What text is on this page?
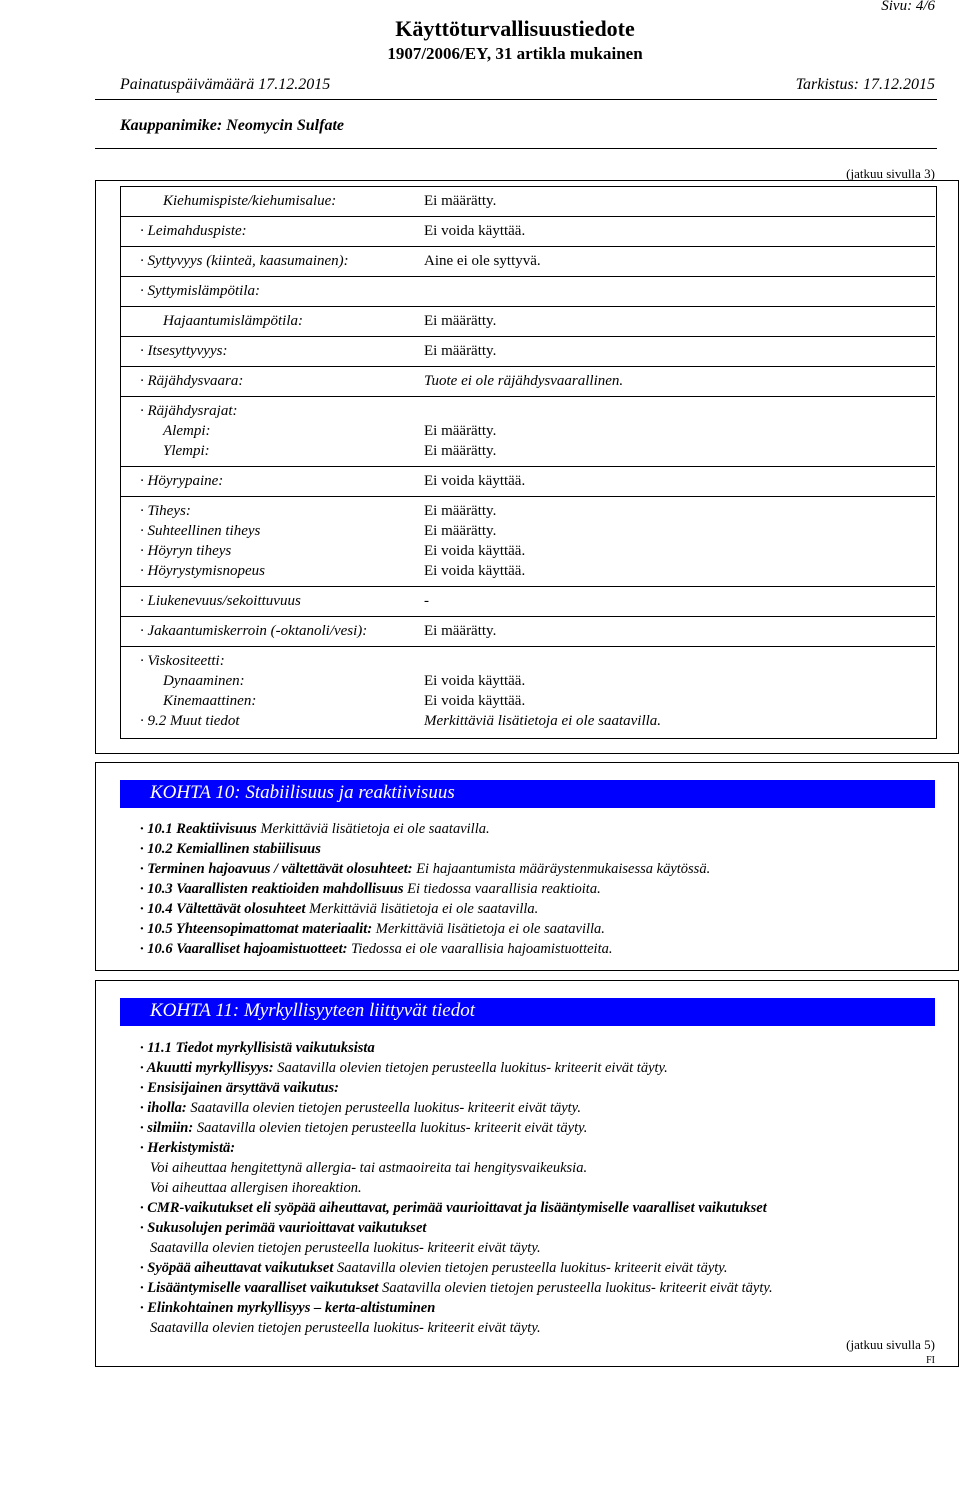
Sivu: 4/6
Käyttöturvallisuustiedote
1907/2006/EY, 31 artikla mukainen
Painatuspäivämäärä 17.12.2015	Tarkistus: 17.12.2015
Kauppanimike: Neomycin Sulfate
(jatkuu sivulla 3)
Kiehumispiste/kiehumisalue:	Ei määrätty.
· Leimahduspiste:	Ei voida käyttää.
· Syttyvyys (kiinteä, kaasumainen):	Aine ei ole syttyvä.
· Syttymislämpötila:
Hajaantumislämpötila:	Ei määrätty.
· Itsesyttyvyys:	Ei määrätty.
· Räjähdysvaara:	Tuote ei ole räjähdysvaarallinen.
· Räjähdysrajat:
Alempi:	Ei määrätty.
Ylempi:	Ei määrätty.
· Höyrypaine:	Ei voida käyttää.
· Tiheys:	Ei määrätty.
· Suhteellinen tiheys	Ei määrätty.
· Höyryn tiheys	Ei voida käyttää.
· Höyrystymisnopeus	Ei voida käyttää.
· Liukenevuus/sekoittuvuus	-
· Jakaantumiskerroin (-oktanoli/vesi):	Ei määrätty.
· Viskositeetti:
Dynaaminen:	Ei voida käyttää.
Kinemaattinen:	Ei voida käyttää.
· 9.2 Muut tiedot	Merkittäviä lisätietoja ei ole saatavilla.
KOHTA 10: Stabiilisuus ja reaktiivisuus
· 10.1 Reaktiivisuus Merkittäviä lisätietoja ei ole saatavilla.
· 10.2 Kemiallinen stabiilisuus
· Terminen hajoavuus / vältettävät olosuhteet: Ei hajaantumista määräystenmukaisessa käytössä.
· 10.3 Vaarallisten reaktioiden mahdollisuus Ei tiedossa vaarallisia reaktioita.
· 10.4 Vältettävät olosuhteet Merkittäviä lisätietoja ei ole saatavilla.
· 10.5 Yhteensopimattomat materiaalit: Merkittäviä lisätietoja ei ole saatavilla.
· 10.6 Vaaralliset hajoamistuotteet: Tiedossa ei ole vaarallisia hajoamistuotteita.
KOHTA 11: Myrkyllisyyteen liittyvät tiedot
· 11.1 Tiedot myrkyllisistä vaikutuksista
· Akuutti myrkyllisyys: Saatavilla olevien tietojen perusteella luokitus- kriteerit eivät täyty.
· Ensisijainen ärsyttävä vaikutus:
· iholla: Saatavilla olevien tietojen perusteella luokitus- kriteerit eivät täyty.
· silmiin: Saatavilla olevien tietojen perusteella luokitus- kriteerit eivät täyty.
· Herkistymistä:
Voi aiheuttaa hengitettynä allergia- tai astmaoireita tai hengitysvaikeuksia.
Voi aiheuttaa allergisen ihoreaktion.
· CMR-vaikutukset eli syöpää aiheuttavat, perimää vaurioittavat ja lisääntymiselle vaaralliset vaikutukset
· Sukusolujen perimää vaurioittavat vaikutukset
Saatavilla olevien tietojen perusteella luokitus- kriteerit eivät täyty.
· Syöpää aiheuttavat vaikutukset Saatavilla olevien tietojen perusteella luokitus- kriteerit eivät täyty.
· Lisääntymiselle vaaralliset vaikutukset Saatavilla olevien tietojen perusteella luokitus- kriteerit eivät täyty.
· Elinkohtainen myrkyllisyys – kerta-altistuminen
Saatavilla olevien tietojen perusteella luokitus- kriteerit eivät täyty.
(jatkuu sivulla 5)
FI
